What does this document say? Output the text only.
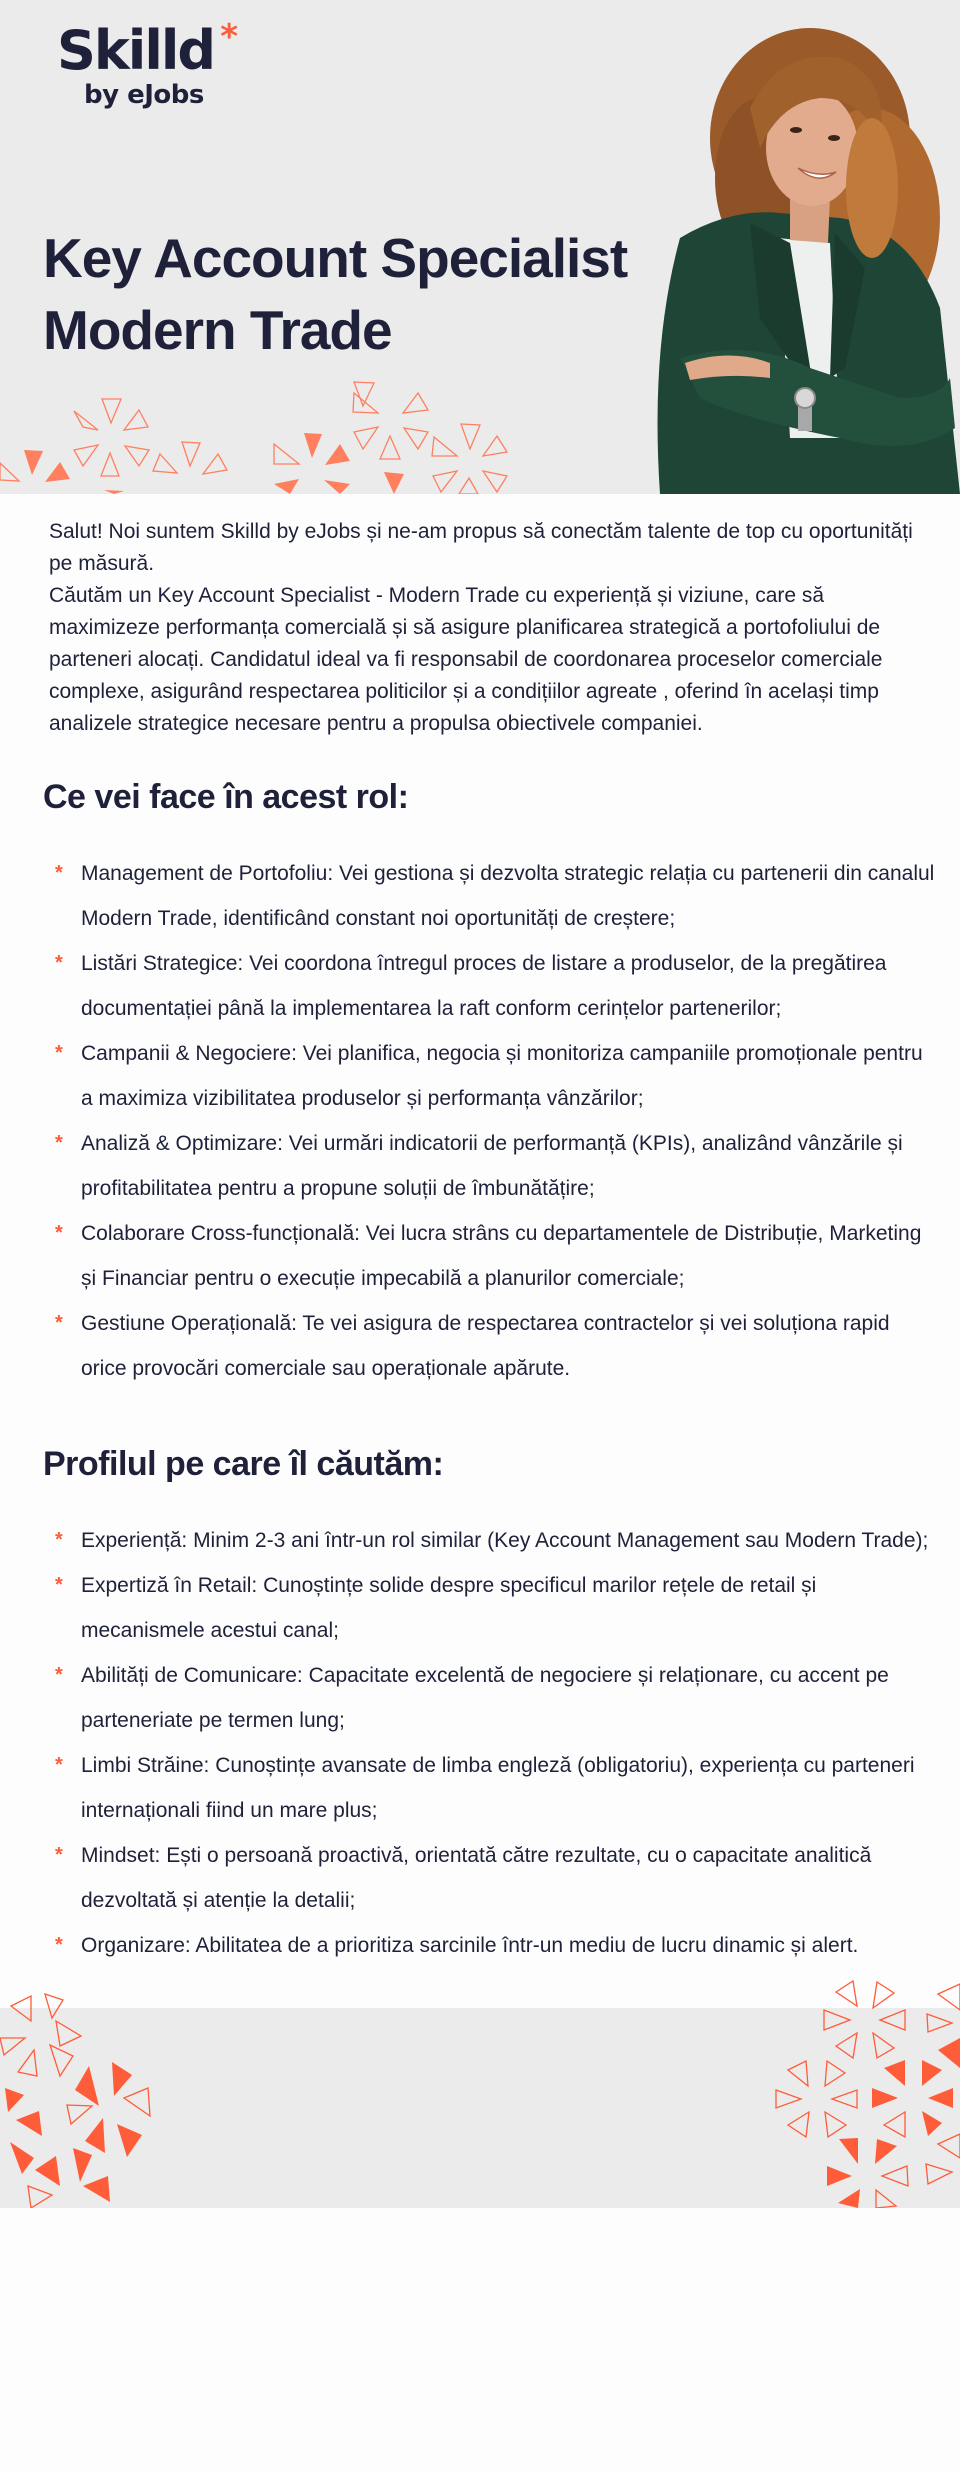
Skilld *
by eJobs
Key Account Specialist
Modern Trade

Salut! Noi suntem Skilld by eJobs și ne-am propus să conectăm talente de top cu oportunități pe măsură.

Căutăm un Key Account Specialist - Modern Trade cu experiență și viziune, care să maximizeze performanța comercială și să asigure planificarea strategică a portofoliului de parteneri alocați. Candidatul ideal va fi responsabil de coordonarea proceselor comerciale complexe, asigurând respectarea politicilor și a condițiilor agreate , oferind în același timp analizele strategice necesare pentru a propulsa obiectivele companiei.

Ce vei face în acest rol:
* Management de Portofoliu: Vei gestiona și dezvolta strategic relația cu partenerii din canalul Modern Trade, identificând constant noi oportunități de creștere;
* Listări Strategice: Vei coordona întregul proces de listare a produselor, de la pregătirea documentației până la implementarea la raft conform cerințelor partenerilor;
* Campanii & Negociere: Vei planifica, negocia și monitoriza campaniile promoționale pentru a maximiza vizibilitatea produselor și performanța vânzărilor;
* Analiză & Optimizare: Vei urmări indicatorii de performanță (KPIs), analizând vânzările și profitabilitatea pentru a propune soluții de îmbunătățire;
* Colaborare Cross-funcțională: Vei lucra strâns cu departamentele de Distribuție, Marketing și Financiar pentru o execuție impecabilă a planurilor comerciale;
* Gestiune Operațională: Te vei asigura de respectarea contractelor și vei soluționa rapid orice provocări comerciale sau operaționale apărute.
Profilul pe care îl căutăm:
* Experiență: Minim 2-3 ani într-un rol similar (Key Account Management sau Modern Trade);
* Expertiză în Retail: Cunoștințe solide despre specificul marilor rețele de retail și mecanismele acestui canal;
* Abilități de Comunicare: Capacitate excelentă de negociere și relaționare, cu accent pe parteneriate pe termen lung;
* Limbi Străine: Cunoștințe avansate de limba engleză (obligatoriu), experiența cu parteneri internaționali fiind un mare plus;
* Mindset: Ești o persoană proactivă, orientată către rezultate, cu o capacitate analitică dezvoltată și atenție la detalii;
* Organizare: Abilitatea de a prioritiza sarcinile într-un mediu de lucru dinamic și alert.
